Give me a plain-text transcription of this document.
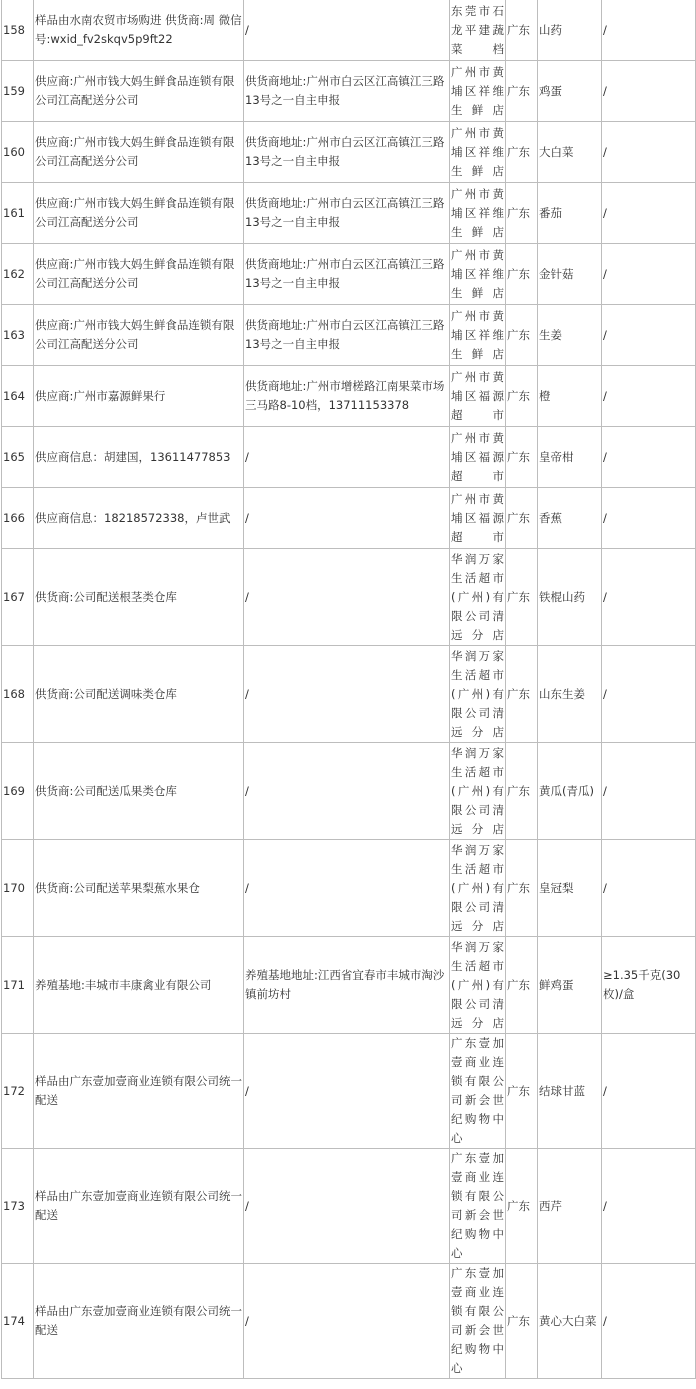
158	样品由水南农贸市场购进 供货商:周 微信号:wxid_fv2skqv5p9ft22	/	东莞市石龙平建蔬菜档	广东	山药	/
159	供应商:广州市钱大妈生鲜食品连锁有限公司江高配送分公司	供货商地址:广州市白云区江高镇江三路13号之一自主申报	广州市黄埔区祥维生鲜店	广东	鸡蛋	/
160	供应商:广州市钱大妈生鲜食品连锁有限公司江高配送分公司	供货商地址:广州市白云区江高镇江三路13号之一自主申报	广州市黄埔区祥维生鲜店	广东	大白菜	/
161	供应商:广州市钱大妈生鲜食品连锁有限公司江高配送分公司	供货商地址:广州市白云区江高镇江三路13号之一自主申报	广州市黄埔区祥维生鲜店	广东	番茄	/
162	供应商:广州市钱大妈生鲜食品连锁有限公司江高配送分公司	供货商地址:广州市白云区江高镇江三路13号之一自主申报	广州市黄埔区祥维生鲜店	广东	金针菇	/
163	供应商:广州市钱大妈生鲜食品连锁有限公司江高配送分公司	供货商地址:广州市白云区江高镇江三路13号之一自主申报	广州市黄埔区祥维生鲜店	广东	生姜	/
164	供应商:广州市嘉源鲜果行	供货商地址:广州市增槎路江南果菜市场三马路8-10档，13711153378	广州市黄埔区福源超市	广东	橙	/
165	供应商信息：胡建国，13611477853	/	广州市黄埔区福源超市	广东	皇帝柑	/
166	供应商信息：18218572338，卢世武	/	广州市黄埔区福源超市	广东	香蕉	/
167	供货商:公司配送根茎类仓库	/	华润万家生活超市(广州)有限公司清远分店	广东	铁棍山药	/
168	供货商:公司配送调味类仓库	/	华润万家生活超市(广州)有限公司清远分店	广东	山东生姜	/
169	供货商:公司配送瓜果类仓库	/	华润万家生活超市(广州)有限公司清远分店	广东	黄瓜(青瓜)	/
170	供货商:公司配送苹果梨蕉水果仓	/	华润万家生活超市(广州)有限公司清远分店	广东	皇冠梨	/
171	养殖基地:丰城市丰康禽业有限公司	养殖基地地址:江西省宜春市丰城市淘沙镇前坊村	华润万家生活超市(广州)有限公司清远分店	广东	鲜鸡蛋	≥1.35千克(30枚)/盒
172	样品由广东壹加壹商业连锁有限公司统一配送	/	广东壹加壹商业连锁有限公司新会世纪购物中心	广东	结球甘蓝	/
173	样品由广东壹加壹商业连锁有限公司统一配送	/	广东壹加壹商业连锁有限公司新会世纪购物中心	广东	西芹	/
174	样品由广东壹加壹商业连锁有限公司统一配送	/	广东壹加壹商业连锁有限公司新会世纪购物中心	广东	黄心大白菜	/
